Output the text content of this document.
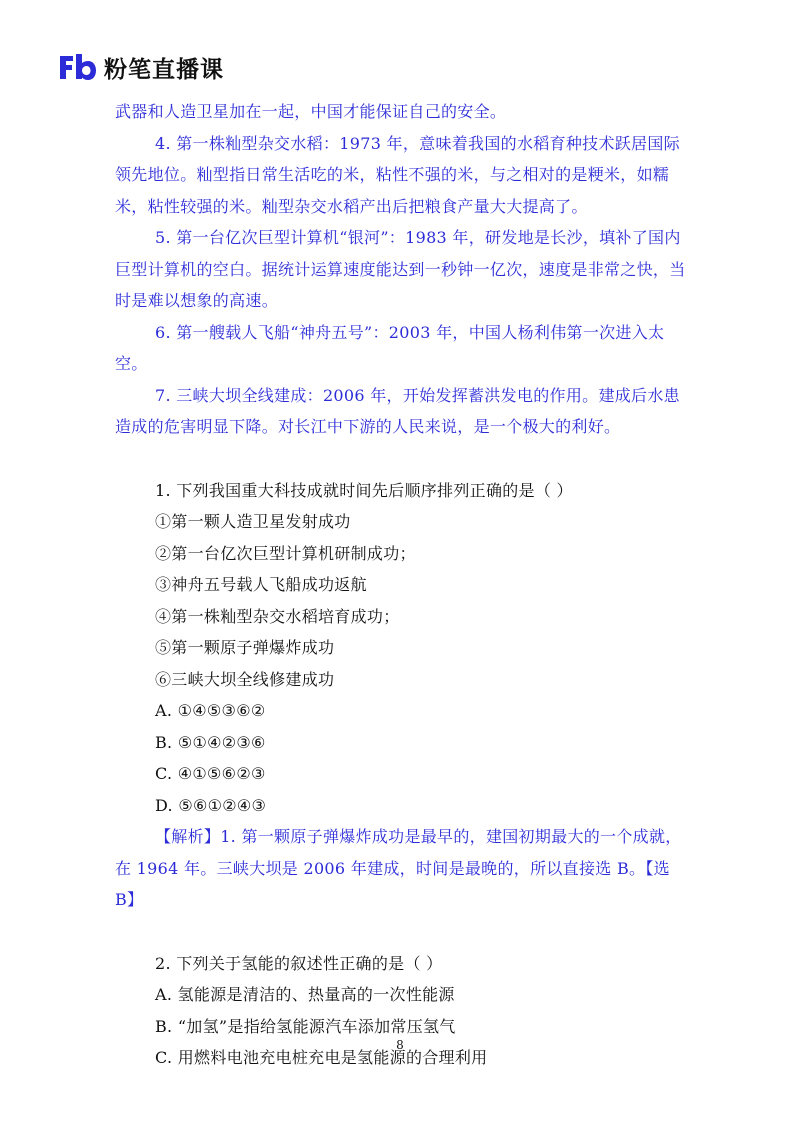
粉笔直播课

武器和人造卫星加在一起，中国才能保证自己的安全。

4. 第一株籼型杂交水稻：1973 年，意味着我国的水稻育种技术跃居国际领先地位。籼型指日常生活吃的米，粘性不强的米，与之相对的是粳米，如糯米，粘性较强的米。籼型杂交水稻产出后把粮食产量大大提高了。

5. 第一台亿次巨型计算机“银河”：1983 年，研发地是长沙，填补了国内巨型计算机的空白。据统计运算速度能达到一秒钟一亿次，速度是非常之快，当时是难以想象的高速。

6. 第一艘载人飞船“神舟五号”：2003 年，中国人杨利伟第一次进入太空。

7. 三峡大坝全线建成：2006 年，开始发挥蓄洪发电的作用。建成后水患造成的危害明显下降。对长江中下游的人民来说，是一个极大的利好。

1. 下列我国重大科技成就时间先后顺序排列正确的是（ ）

①第一颗人造卫星发射成功

②第一台亿次巨型计算机研制成功；

③神舟五号载人飞船成功返航

④第一株籼型杂交水稻培育成功；

⑤第一颗原子弹爆炸成功

⑥三峡大坝全线修建成功

A. ①④⑤③⑥②

B. ⑤①④②③⑥

C. ④①⑤⑥②③

D. ⑤⑥①②④③

【解析】1. 第一颗原子弹爆炸成功是最早的，建国初期最大的一个成就，在 1964 年。三峡大坝是 2006 年建成，时间是最晚的，所以直接选 B。【选 B】

2. 下列关于氢能的叙述性正确的是（ ）

A. 氢能源是清洁的、热量高的一次性能源

B. “加氢”是指给氢能源汽车添加常压氢气

C. 用燃料电池充电桩充电是氢能源的合理利用

8
